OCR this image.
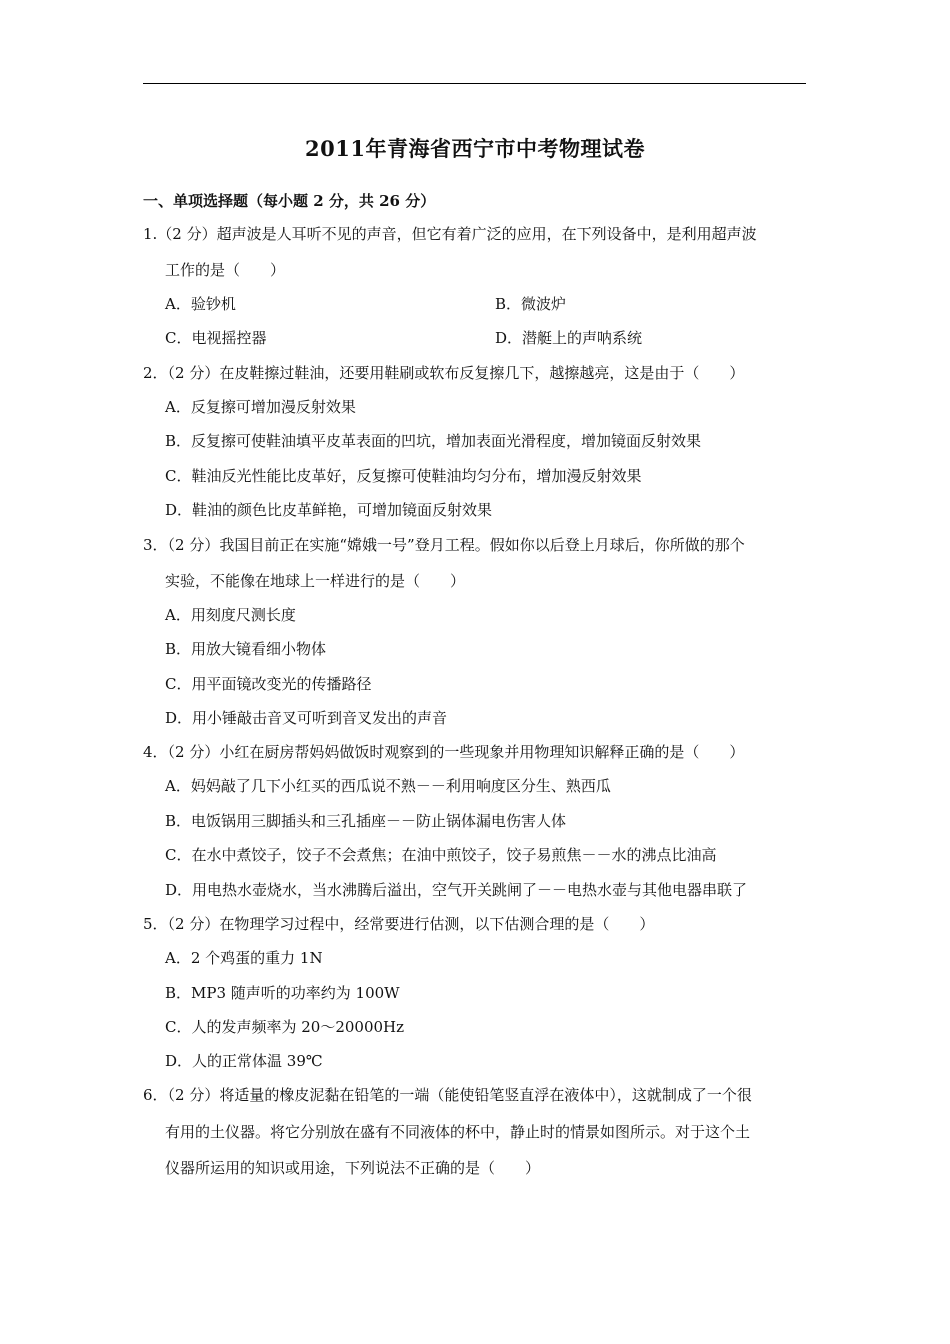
2011年青海省西宁市中考物理试卷
一、单项选择题（每小题 2 分，共 26 分）
1.（2 分）超声波是人耳听不见的声音，但它有着广泛的应用，在下列设备中，是利用超声波
工作的是（　　）
A．验钞机	B．微波炉
C．电视摇控器	D．潜艇上的声呐系统
2．（2 分）在皮鞋擦过鞋油，还要用鞋刷或软布反复擦几下，越擦越亮，这是由于（　　）
A．反复擦可增加漫反射效果
B．反复擦可使鞋油填平皮革表面的凹坑，增加表面光滑程度，增加镜面反射效果
C．鞋油反光性能比皮革好，反复擦可使鞋油均匀分布，增加漫反射效果
D．鞋油的颜色比皮革鲜艳，可增加镜面反射效果
3．（2 分）我国目前正在实施“嫦娥一号”登月工程。假如你以后登上月球后，你所做的那个
实验，不能像在地球上一样进行的是（　　）
A．用刻度尺测长度
B．用放大镜看细小物体
C．用平面镜改变光的传播路径
D．用小锤敲击音叉可听到音叉发出的声音
4．（2 分）小红在厨房帮妈妈做饭时观察到的一些现象并用物理知识解释正确的是（　　）
A．妈妈敲了几下小红买的西瓜说不熟－－利用响度区分生、熟西瓜
B．电饭锅用三脚插头和三孔插座－－防止锅体漏电伤害人体
C．在水中煮饺子，饺子不会煮焦；在油中煎饺子，饺子易煎焦－－水的沸点比油高
D．用电热水壶烧水，当水沸腾后溢出，空气开关跳闸了－－电热水壶与其他电器串联了
5．（2 分）在物理学习过程中，经常要进行估测，以下估测合理的是（　　）
A．2 个鸡蛋的重力 1N
B．MP3 随声听的功率约为 100W
C．人的发声频率为 20～20000Hz
D．人的正常体温 39℃
6．（2 分）将适量的橡皮泥黏在铅笔的一端（能使铅笔竖直浮在液体中），这就制成了一个很
有用的土仪器。将它分别放在盛有不同液体的杯中，静止时的情景如图所示。对于这个土
仪器所运用的知识或用途，下列说法不正确的是（　　）
